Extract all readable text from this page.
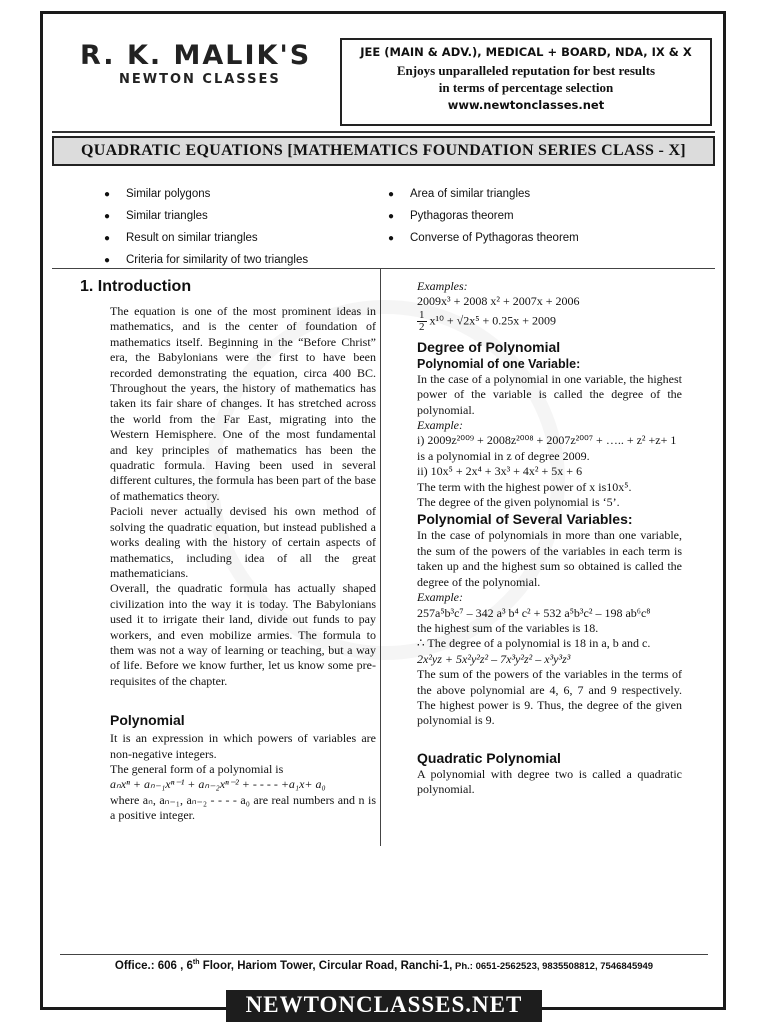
R. K. MALIK'S
NEWTON CLASSES
JEE (MAIN & ADV.), MEDICAL + BOARD, NDA, IX & X
Enjoys unparalleled reputation for best results
in terms of percentage selection
www.newtonclasses.net
QUADRATIC EQUATIONS [MATHEMATICS FOUNDATION SERIES CLASS - X]
●	Similar polygons
●	Similar triangles
●	Result on similar triangles
●	Criteria for similarity of two triangles
●	Area of similar triangles
●	Pythagoras theorem
●	Converse of Pythagoras theorem
1. Introduction

The equation is one of the most prominent ideas in mathematics, and is the center of foundation of mathematics itself. Beginning in the “Before Christ” era, the Babylonians were the first to have been recorded demonstrating the equation, circa 400 BC. Throughout the years, the history of mathematics has taken its fair share of changes. It has stretched across the world from the Far East, migrating into the Western Hemisphere. One of the most fundamental and key principles of mathematics has been the quadratic formula. Having been used in several different cultures, the formula has been part of the base of mathematics theory.

Pacioli never actually devised his own method of solving the quadratic equation, but instead published a works dealing with the history of certain aspects of mathematics, including idea of all the great mathematicians.

Overall, the quadratic formula has actually shaped civilization into the way it is today. The Babylonians used it to irrigate their land, divide out funds to pay workers, and even mobilize armies. The formula to them was not a way of learning or teaching, but a way of life. Before we know further, let us know some pre-requisites of the chapter.

Polynomial

It is an expression in which powers of variables are non-negative integers.

The general form of a polynomial is

aₙxⁿ + aₙ₋₁xⁿ⁻¹ + aₙ₋₂xⁿ⁻² + - - - - +a₁x+ a₀

where aₙ, aₙ₋₁, aₙ₋₂ - - - - a₀ are real numbers and n is a positive integer.

Examples:

2009x³ + 2008 x² + 2007x + 2006

$\frac{1}{2} x^{10} + √2x^5 + 0.25x + 2009$

Degree of Polynomial
Polynomial of one Variable:

In the case of a polynomial in one variable, the highest power of the variable is called the degree of the polynomial.

Example:

i) 2009z²⁰⁰⁹ + 2008z²⁰⁰⁸ + 2007z²⁰⁰⁷ + ….. + z² +z+ 1

is a polynomial in z of degree 2009.

ii) 10x⁵ + 2x⁴ + 3x³ + 4x² + 5x + 6

The term with the highest power of x is10x⁵.

The degree of the given polynomial is ‘5’.

Polynomial of Several Variables:

In the case of polynomials in more than one variable, the sum of the powers of the variables in each term is taken up and the highest sum so obtained is called the degree of the polynomial.

Example:

257a⁵b³c⁷ – 342 a³ b⁴ c² + 532 a⁵b³c² – 198 ab⁶c⁸

the highest sum of the variables is 18.

∴ The degree of a polynomial is 18 in a, b and c.

2x²yz + 5x²y²z² – 7x³y²z² – x³y³z³

The sum of the powers of the variables in the terms of the above polynomial are 4, 6, 7 and 9 respectively. The highest power is 9. Thus, the degree of the given polynomial is 9.

Quadratic Polynomial

A polynomial with degree two is called a quadratic polynomial.

Office.: 606 , 6th Floor, Hariom Tower, Circular Road, Ranchi-1, Ph.: 0651-2562523, 9835508812, 7546845949
NEWTONCLASSES.NET
